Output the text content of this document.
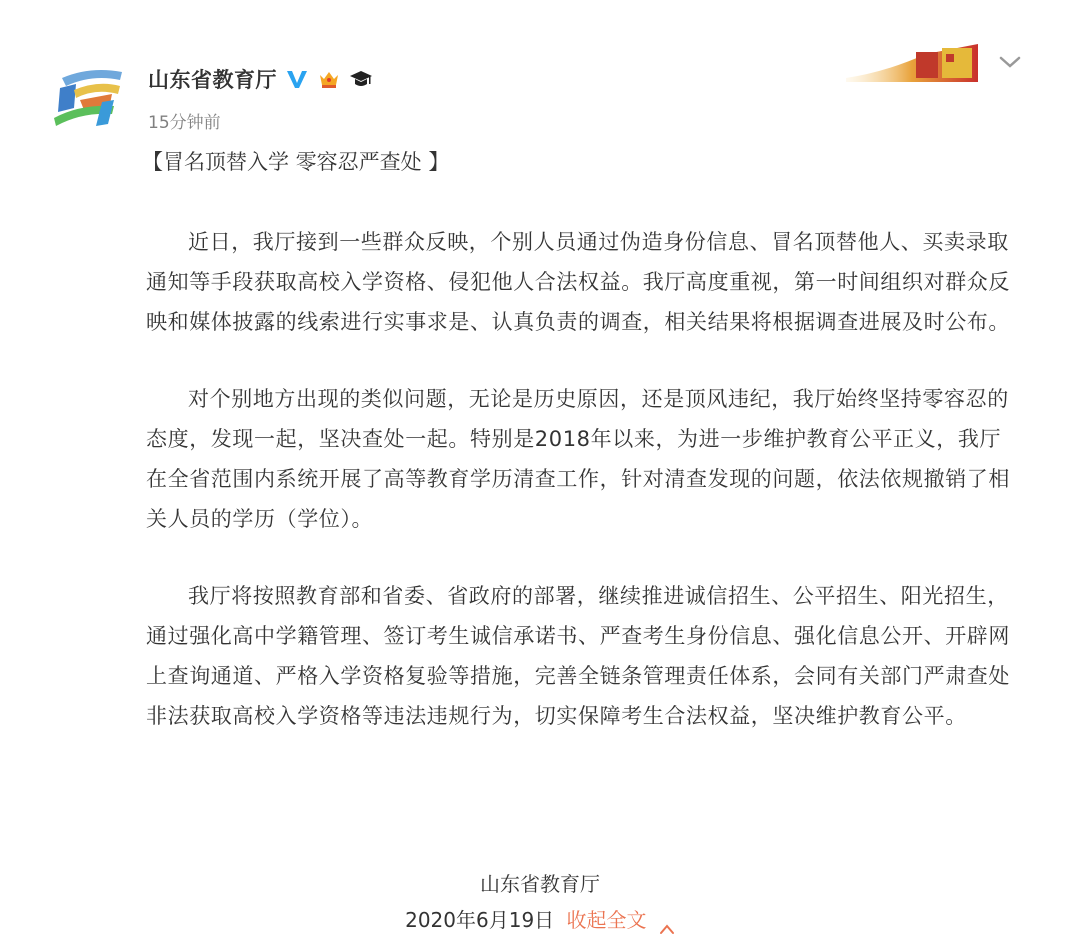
山东省教育厅
15分钟前
【冒名顶替入学 零容忍严查处 】

近日，我厅接到一些群众反映，个别人员通过伪造身份信息、冒名顶替他人、买卖录取通知等手段获取高校入学资格、侵犯他人合法权益。我厅高度重视，第一时间组织对群众反映和媒体披露的线索进行实事求是、认真负责的调查，相关结果将根据调查进展及时公布。

对个别地方出现的类似问题，无论是历史原因，还是顶风违纪，我厅始终坚持零容忍的态度，发现一起，坚决查处一起。特别是2018年以来，为进一步维护教育公平正义，我厅在全省范围内系统开展了高等教育学历清查工作，针对清查发现的问题，依法依规撤销了相关人员的学历（学位）。

我厅将按照教育部和省委、省政府的部署，继续推进诚信招生、公平招生、阳光招生，通过强化高中学籍管理、签订考生诚信承诺书、严查考生身份信息、强化信息公开、开辟网上查询通道、严格入学资格复验等措施，完善全链条管理责任体系，会同有关部门严肃查处非法获取高校入学资格等违法违规行为，切实保障考生合法权益，坚决维护教育公平。

山东省教育厅
2020年6月19日 收起全文
